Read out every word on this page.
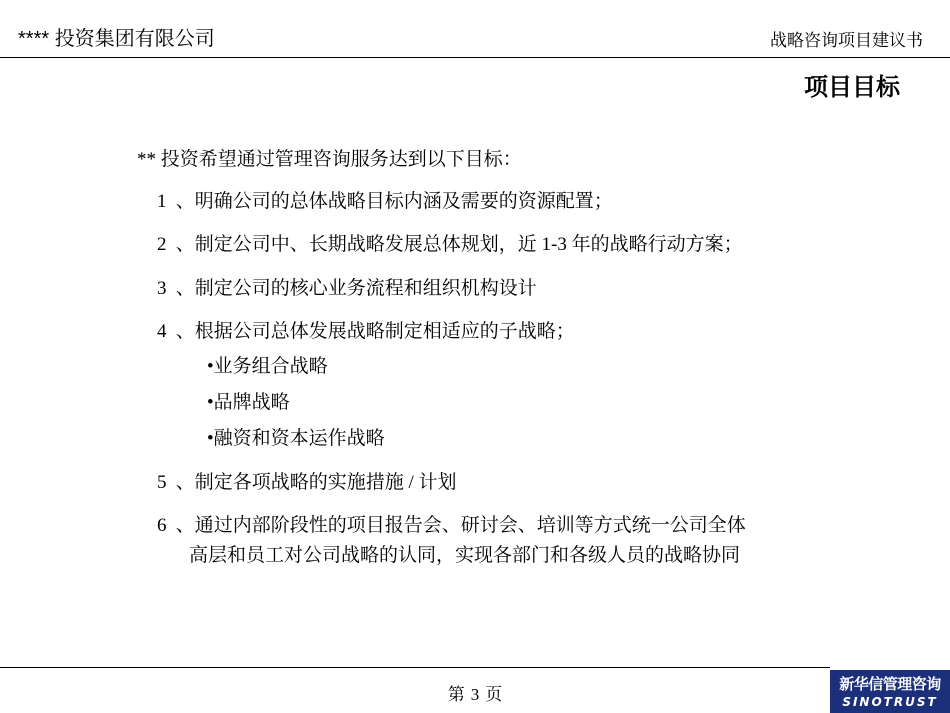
**** 投资集团有限公司	战略咨询项目建议书
项目目标
** 投资希望通过管理咨询服务达到以下目标：
1 、明确公司的总体战略目标内涵及需要的资源配置；
2 、制定公司中、长期战略发展总体规划，近 1-3 年的战略行动方案；
3 、制定公司的核心业务流程和组织机构设计
4 、根据公司总体发展战略制定相适应的子战略；
•业务组合战略
•品牌战略
•融资和资本运作战略
5 、制定各项战略的实施措施 / 计划
6 、通过内部阶段性的项目报告会、研讨会、培训等方式统一公司全体
高层和员工对公司战略的认同，实现各部门和各级人员的战略协同
第 3 页
新华信管理咨询
SINOTRUST
